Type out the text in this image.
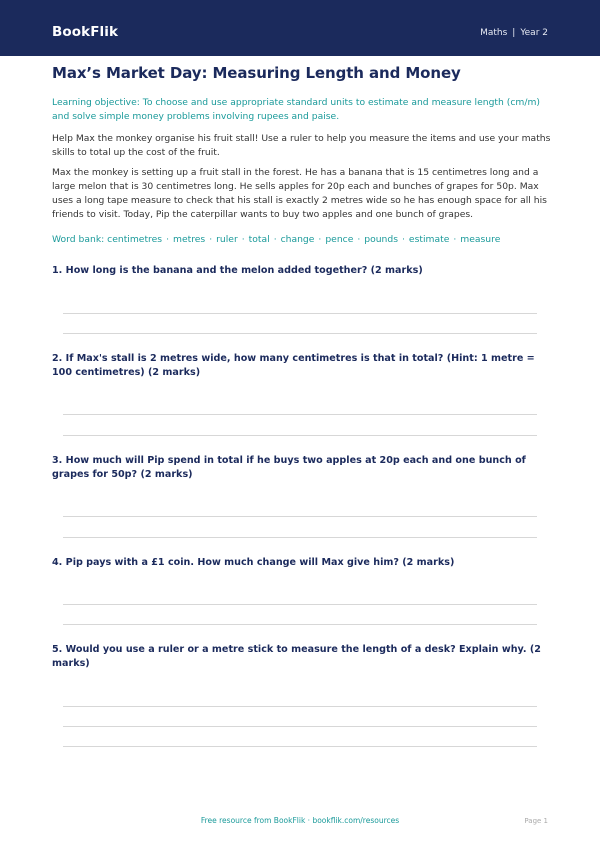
BookFlik	Maths | Year 2
Max’s Market Day: Measuring Length and Money

Learning objective: To choose and use appropriate standard units to estimate and measure length (cm/m) and solve simple money problems involving rupees and paise.

Help Max the monkey organise his fruit stall! Use a ruler to help you measure the items and use your maths skills to total up the cost of the fruit.

Max the monkey is setting up a fruit stall in the forest. He has a banana that is 15 centimetres long and a large melon that is 30 centimetres long. He sells apples for 20p each and bunches of grapes for 50p. Max uses a long tape measure to check that his stall is exactly 2 metres wide so he has enough space for all his friends to visit. Today, Pip the caterpillar wants to buy two apples and one bunch of grapes.

Word bank: centimetres · metres · ruler · total · change · pence · pounds · estimate · measure

1. How long is the banana and the melon added together? (2 marks)

2. If Max's stall is 2 metres wide, how many centimetres is that in total? (Hint: 1 metre = 100 centimetres) (2 marks)

3. How much will Pip spend in total if he buys two apples at 20p each and one bunch of grapes for 50p? (2 marks)

4. Pip pays with a £1 coin. How much change will Max give him? (2 marks)

5. Would you use a ruler or a metre stick to measure the length of a desk? Explain why. (2 marks)

Free resource from BookFlik · bookflik.com/resources	Page 1
